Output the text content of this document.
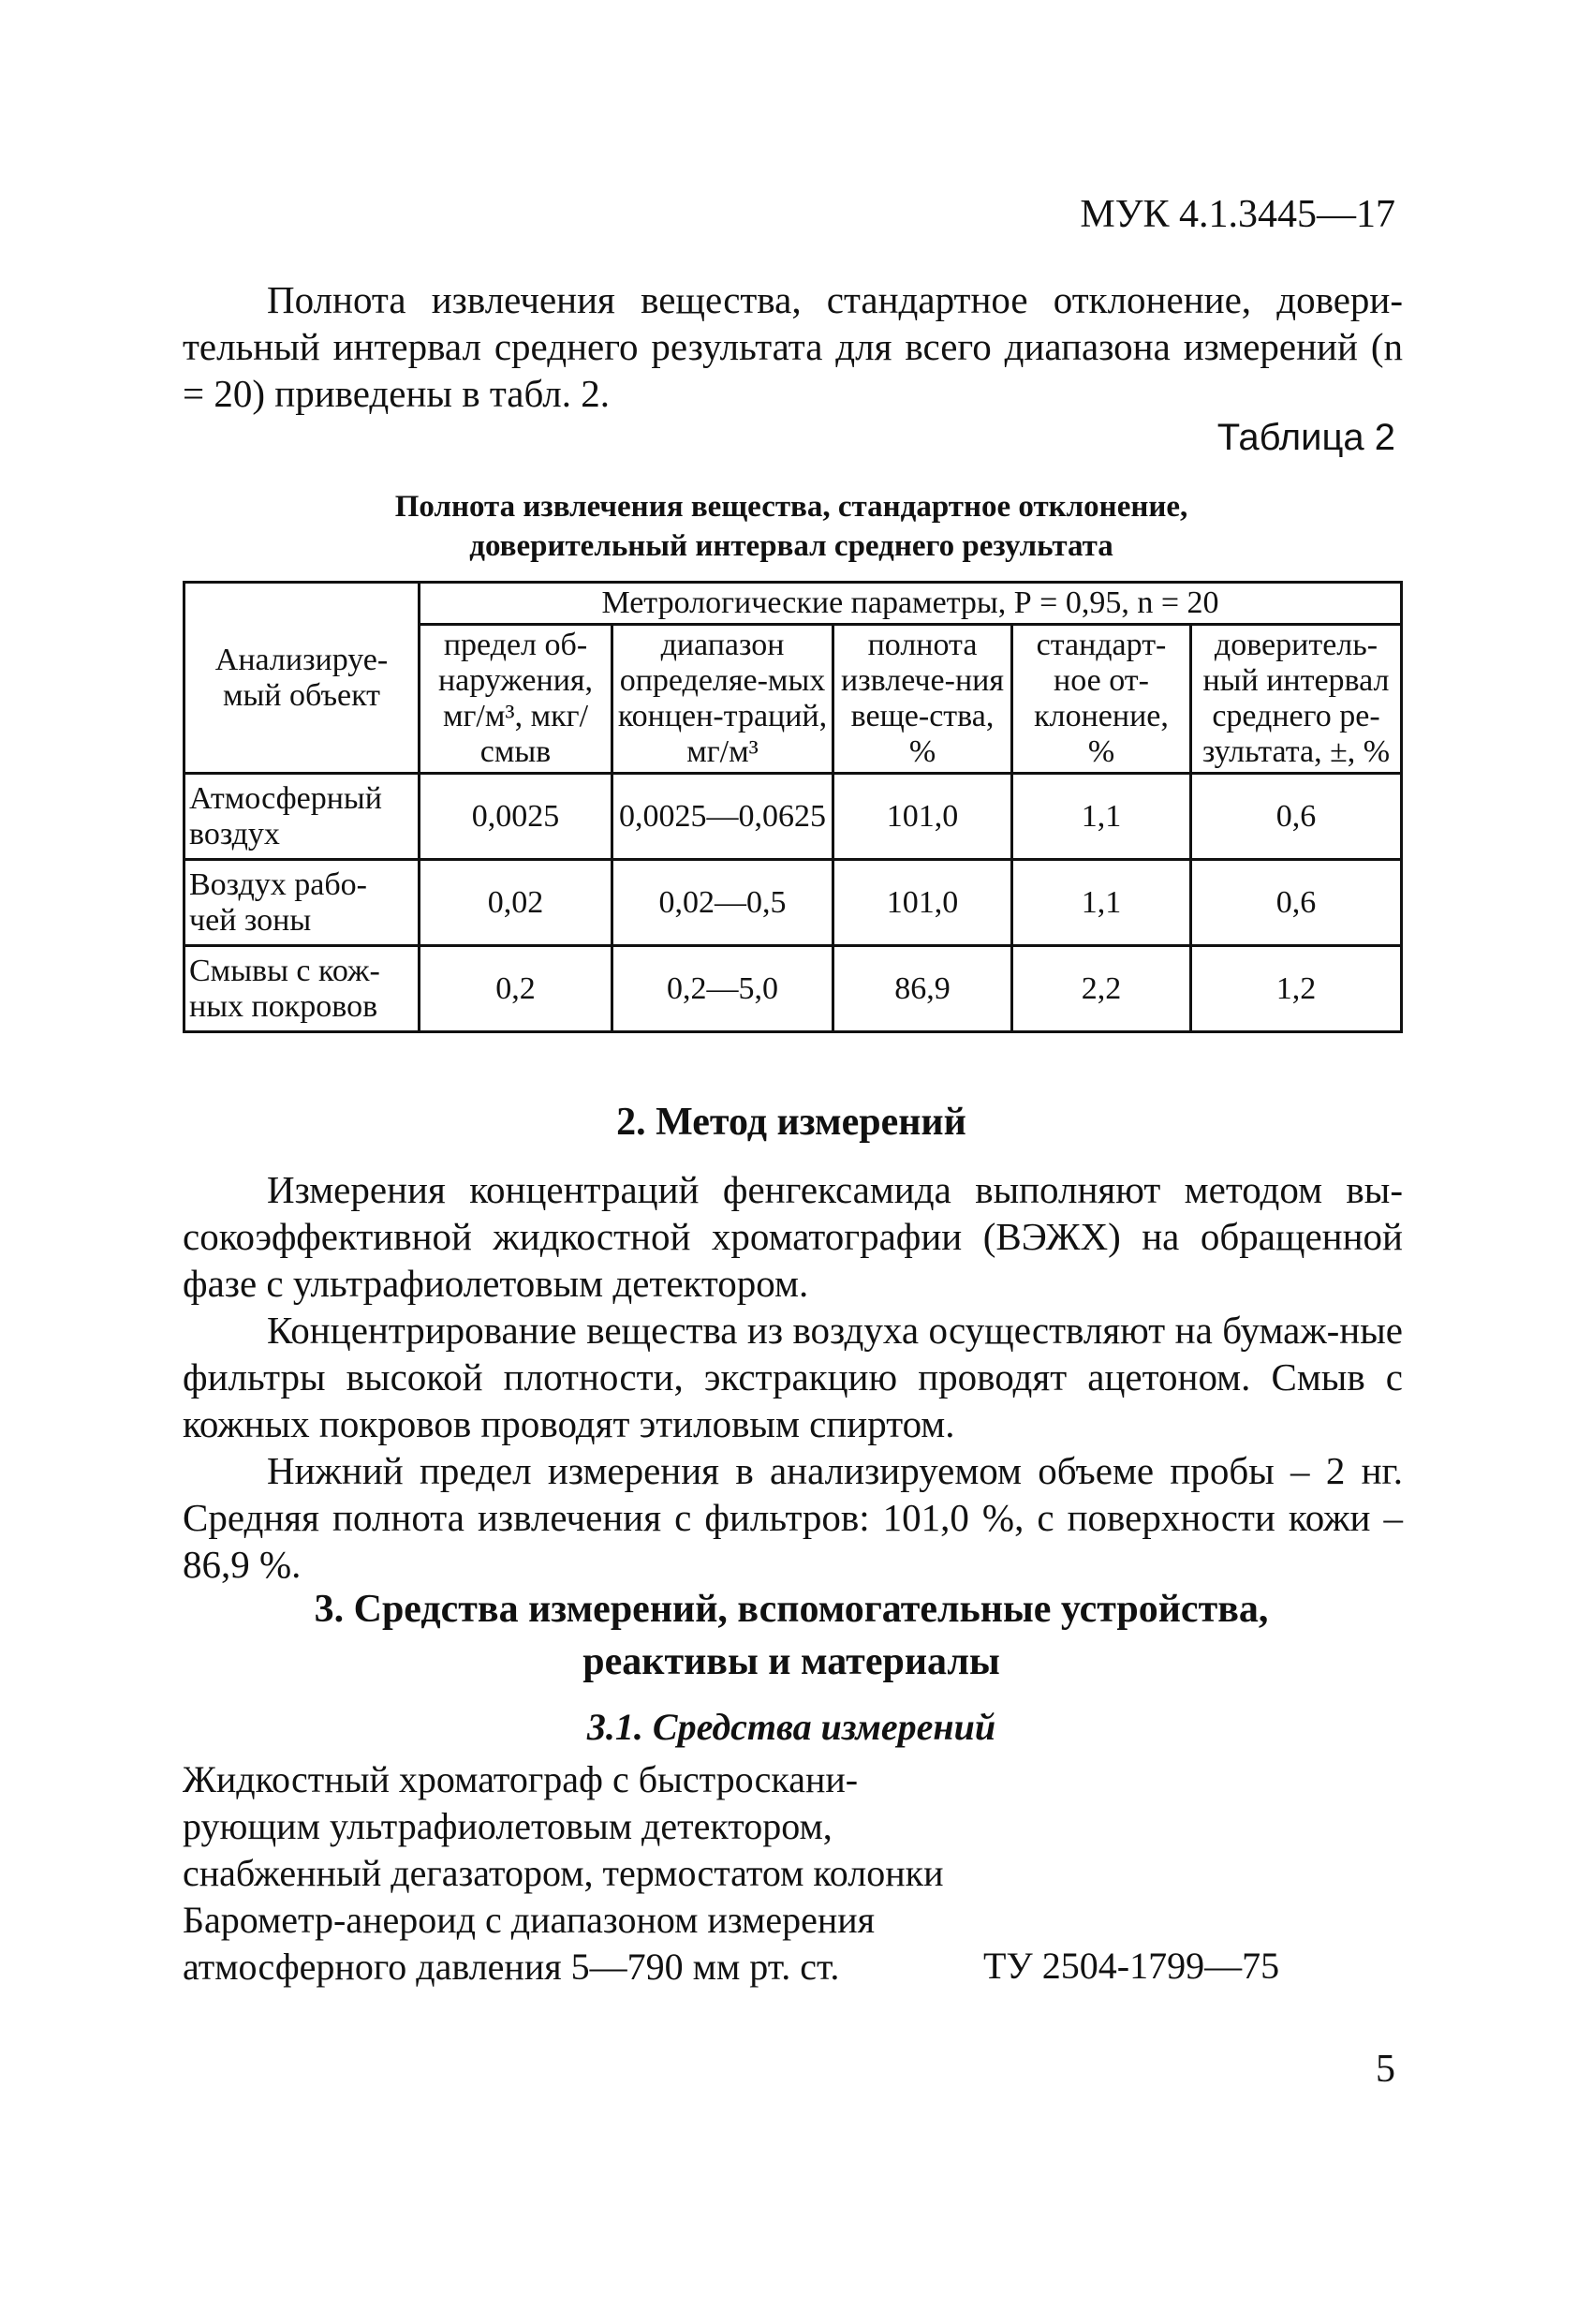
МУК 4.1.3445—17
Полнота извлечения вещества, стандартное отклонение, довери-тельный интервал среднего результата для всего диапазона измерений (n = 20) приведены в табл. 2.
Таблица 2
Полнота извлечения вещества, стандартное отклонение,
доверительный интервал среднего результата
Анализируе-мый объект	Метрологические параметры, Р = 0,95, n = 20				
	предел об-наружения, мг/м³, мкг/смыв	диапазон определяе-мых концен-траций, мг/м³	полнота извлече-ния веще-ства, %	стандарт-ное от-клонение, %	доверитель-ный интервал среднего ре-зультата, ±, %
Атмосферный воздух	0,0025	0,0025—0,0625	101,0	1,1	0,6
Воздух рабо-чей зоны	0,02	0,02—0,5	101,0	1,1	0,6
Смывы с кож-ных покровов	0,2	0,2—5,0	86,9	2,2	1,2
2. Метод измерений
Измерения концентраций фенгексамида выполняют методом вы-сокоэффективной жидкостной хроматографии (ВЭЖХ) на обращенной фазе с ультрафиолетовым детектором.
Концентрирование вещества из воздуха осуществляют на бумаж-ные фильтры высокой плотности, экстракцию проводят ацетоном. Смыв с кожных покровов проводят этиловым спиртом.
Нижний предел измерения в анализируемом объеме пробы – 2 нг. Средняя полнота извлечения с фильтров: 101,0 %, с поверхности кожи – 86,9 %.
3. Средства измерений, вспомогательные устройства,
реактивы и материалы
3.1. Средства измерений
Жидкостный хроматограф с быстроскани-рующим ультрафиолетовым детектором, снабженный дегазатором, термостатом колонки
Барометр-анероид с диапазоном измерения атмосферного давления 5—790 мм рт. ст.	ТУ 2504-1799—75
5
